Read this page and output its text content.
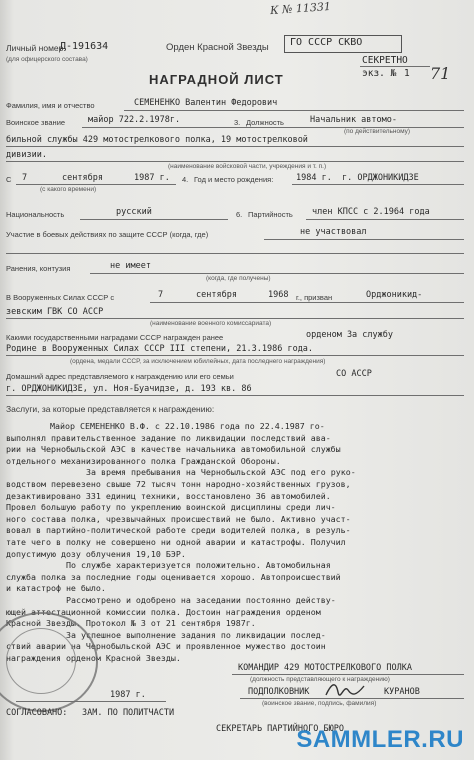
К № 11331
Личный номер:
Д-191634
(для офицерского состава)
Орден Красной Звезды ГО СССР СКВО
СЕКРЕТНО
экз. № 1 71
НАГРАДНОЙ ЛИСТ
Фамилия, имя и отчество	СЕМЕНЕНКО Валентин Федорович
Воинское звание	майор 722.2.1978г.	3. Должность	Начальник автомо-
(по действительному)
бильной службы 429 мотострелкового полка, 19 мотострелковой
дивизии.
(наименование войсковой части, учреждения и т. п.)
С 7	сентября	1987 г.
(с какого времени)
4. Год и место рождения:	1984 г. г. ОРДЖОНИКИДЗЕ
Национальность	русский	6. Партийность член КПСС с 2.1964 года
Участие в боевых действиях по защите СССР (когда, где)	не участвовал
Ранения, контузия	не имеет
(когда, где получены)
В Вооруженных Силах СССР с	7	сентября	1968 г., призван	Орджоникид-
зевским ГВК СО АССР
(наименование военного комиссариата)
Какими государственными наградами СССР награжден ранее	орденом За службу
Родине в Вооруженных Силах СССР III степени, 21.3.1986 года.
(ордена, медали СССР, за исключением юбилейных, дата последнего награждения)
Домашний адрес представляемого к награждению или его семьи	СО АССР
г. ОРДЖОНИКИДЗЕ, ул. Ноя-Буачидзе, д. 193 кв. 86
Заслуги, за которые представляется к награждению:

Майор СЕМЕНЕНКО В.Ф. с 22.10.1986 года по 22.4.1987 го-

выполнял правительственное задание по ликвидации последствий ава-

рии на Чернобыльской АЭС в качестве начальника автомобильной службы

отдельного механизированного полка Гражданской Обороны.

За время пребывания на Чернобыльской АЭС под его руко-

водством перевезено свыше 72 тысяч тонн народно-хозяйственных грузов,

дезактивировано 331 единиц техники, восстановлено 36 автомобилей.

Провел большую работу по укреплению воинской дисциплины среди лич-

ного состава полка, чрезвычайных происшествий не было. Активно участ-

вовал в партийно-политической работе среди водителей полка, в резуль-

тате чего в полку не совершено ни одной аварии и катастрофы. Получил

допустимую дозу облучения 19,10 БЭР.

По службе характеризуется положительно. Автомобильная

служба полка за последние годы оценивается хорошо. Автопроисшествий

и катастроф не было.

Рассмотрено и одобрено на заседании постоянно действу-

ющей аттестационной комиссии полка. Достоин награждения орденом

Красной Звезды. Протокол № 3 от 21 сентября 1987г.

За успешное выполнение задания по ликвидации послед-

ствий аварии на Чернобыльской АЭС и проявленное мужество достоин

награждения орденом Красной Звезды.

КОМАНДИР 429 МОТОСТРЕЛКОВОГО ПОЛКА
(должность представляющего к награждению)
ПОДПОЛКОВНИК	КУРАНОВ
(воинское звание, подпись, фамилия)
1987 г.
СОГЛАСОВАНО: ЗАМ. ПО ПОЛИТЧАСТИ
СЕКРЕТАРЬ ПАРТИЙНОГО БЮРО
SAMMLER.RU
